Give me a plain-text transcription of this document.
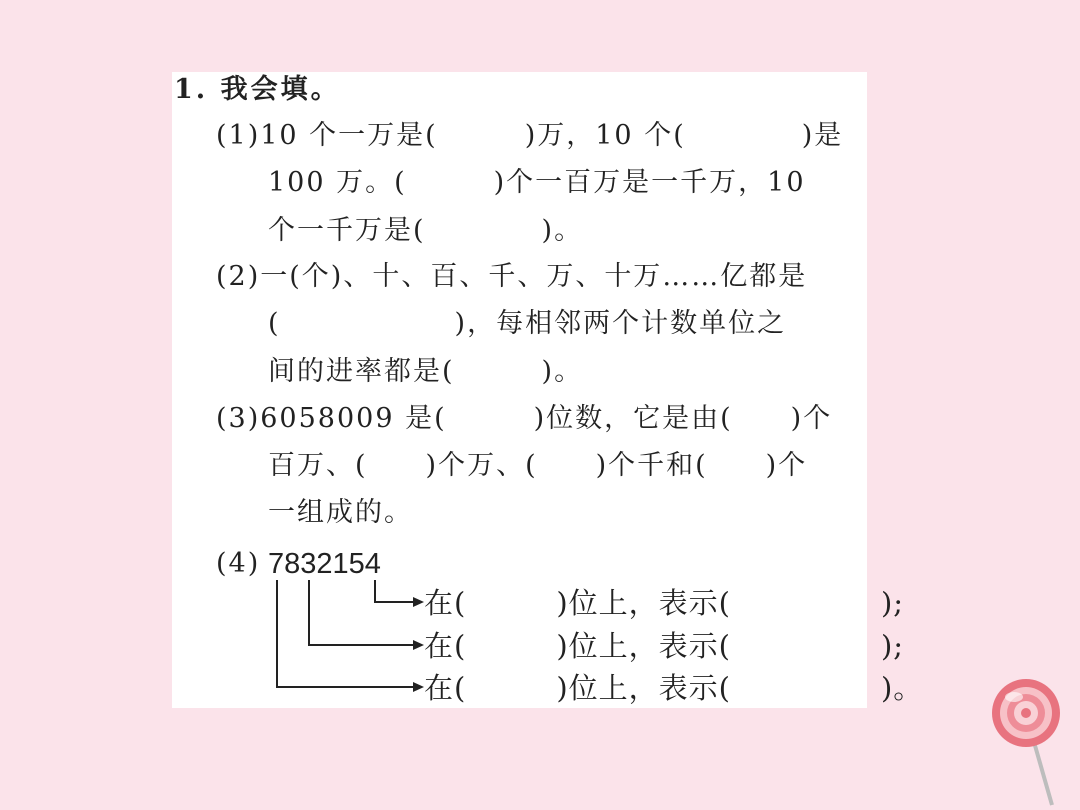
1. 我会填。
(1)10 个一万是(　　　)万，10 个(　　　　)是
100 万。(　　　)个一百万是一千万，10
个一千万是(　　　　)。
(2)一(个)、十、百、千、万、十万……亿都是
(　　　　　　)，每相邻两个计数单位之
间的进率都是(　　　)。
(3)6058009 是(　　　)位数，它是由(　　)个
百万、(　　)个万、(　　)个千和(　　)个
一组成的。
(4) 7832154
在(　　　)位上，表示(　　　　　);
在(　　　)位上，表示(　　　　　);
在(　　　)位上，表示(　　　　　)。
